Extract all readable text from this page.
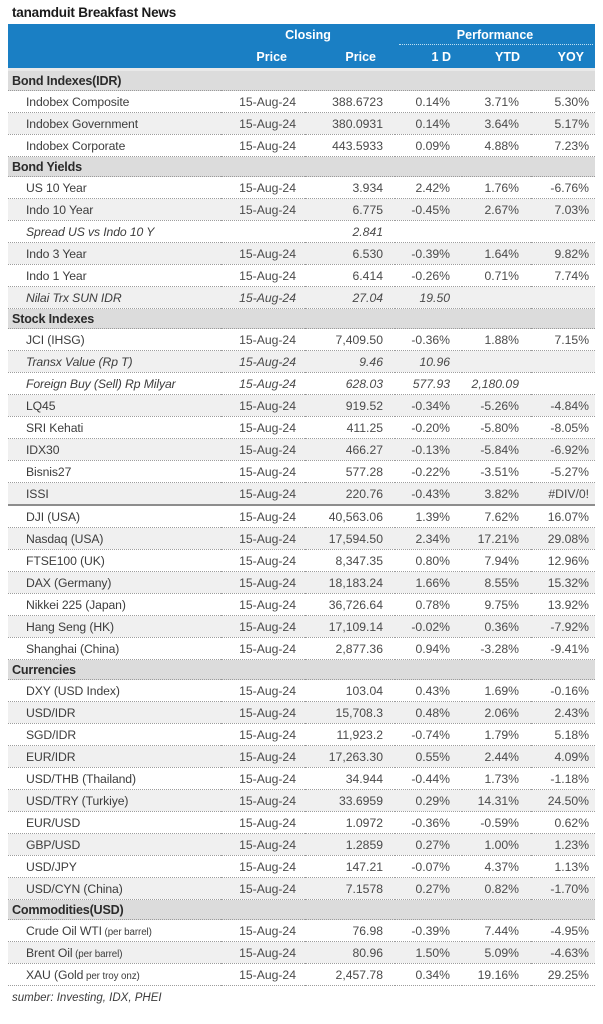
tanamduit Breakfast News
	Closing		Performance		

	Price	Price	1 D	YTD	YOY
Bond Indexes(IDR)					
Indobex Composite	15-Aug-24	388.6723	0.14%	3.71%	5.30%
Indobex Government	15-Aug-24	380.0931	0.14%	3.64%	5.17%
Indobex Corporate	15-Aug-24	443.5933	0.09%	4.88%	7.23%
Bond Yields					
US 10 Year	15-Aug-24	3.934	2.42%	1.76%	-6.76%
Indo 10 Year	15-Aug-24	6.775	-0.45%	2.67%	7.03%
Spread US vs Indo 10 Y		2.841			
Indo 3 Year	15-Aug-24	6.530	-0.39%	1.64%	9.82%
Indo 1 Year	15-Aug-24	6.414	-0.26%	0.71%	7.74%
Nilai Trx SUN IDR	15-Aug-24	27.04	19.50		
Stock Indexes					
JCI (IHSG)	15-Aug-24	7,409.50	-0.36%	1.88%	7.15%
Transx Value (Rp T)	15-Aug-24	9.46	10.96		
Foreign Buy (Sell) Rp Milyar	15-Aug-24	628.03	577.93	2,180.09	
LQ45	15-Aug-24	919.52	-0.34%	-5.26%	-4.84%
SRI Kehati	15-Aug-24	411.25	-0.20%	-5.80%	-8.05%
IDX30	15-Aug-24	466.27	-0.13%	-5.84%	-6.92%
Bisnis27	15-Aug-24	577.28	-0.22%	-3.51%	-5.27%
ISSI	15-Aug-24	220.76	-0.43%	3.82%	#DIV/0!
DJI (USA)	15-Aug-24	40,563.06	1.39%	7.62%	16.07%
Nasdaq (USA)	15-Aug-24	17,594.50	2.34%	17.21%	29.08%
FTSE100 (UK)	15-Aug-24	8,347.35	0.80%	7.94%	12.96%
DAX (Germany)	15-Aug-24	18,183.24	1.66%	8.55%	15.32%
Nikkei 225 (Japan)	15-Aug-24	36,726.64	0.78%	9.75%	13.92%
Hang Seng (HK)	15-Aug-24	17,109.14	-0.02%	0.36%	-7.92%
Shanghai (China)	15-Aug-24	2,877.36	0.94%	-3.28%	-9.41%
Currencies					
DXY (USD Index)	15-Aug-24	103.04	0.43%	1.69%	-0.16%
USD/IDR	15-Aug-24	15,708.3	0.48%	2.06%	2.43%
SGD/IDR	15-Aug-24	11,923.2	-0.74%	1.79%	5.18%
EUR/IDR	15-Aug-24	17,263.30	0.55%	2.44%	4.09%
USD/THB (Thailand)	15-Aug-24	34.944	-0.44%	1.73%	-1.18%
USD/TRY (Turkiye)	15-Aug-24	33.6959	0.29%	14.31%	24.50%
EUR/USD	15-Aug-24	1.0972	-0.36%	-0.59%	0.62%
GBP/USD	15-Aug-24	1.2859	0.27%	1.00%	1.23%
USD/JPY	15-Aug-24	147.21	-0.07%	4.37%	1.13%
USD/CYN (China)	15-Aug-24	7.1578	0.27%	0.82%	-1.70%
Commodities(USD)					
Crude Oil WTI (per barrel)	15-Aug-24	76.98	-0.39%	7.44%	-4.95%
Brent Oil (per barrel)	15-Aug-24	80.96	1.50%	5.09%	-4.63%
XAU (Gold per troy onz)	15-Aug-24	2,457.78	0.34%	19.16%	29.25%
sumber: Investing, IDX, PHEI
